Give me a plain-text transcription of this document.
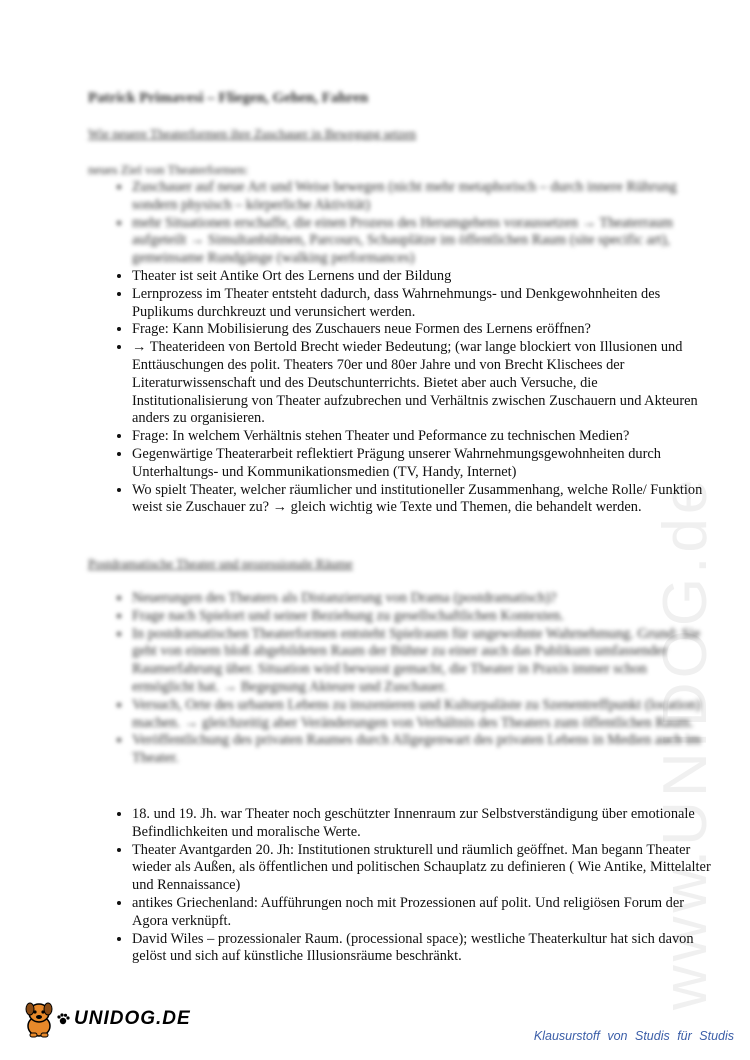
www.UNIDOG.de
Patrick Primavesi – Fliegen, Gehen, Fahren
Wie neuere Theaterformen ihre Zuschauer in Bewegung setzen
neues Ziel von Theaterformen:
• Zuschauer auf neue Art und Weise bewegen (nicht mehr metaphorisch – durch innere Rührung sondern physisch – körperliche Aktivität)
• mehr Situationen erschaffe, die einen Prozess des Herumgehens voraussetzen → Theaterraum aufgeteilt → Simultanbühnen, Parcours, Schauplätze im öffentlichen Raum (site specific art), gemeinsame Rundgänge (walking performances)
• Theater ist seit Antike Ort des Lernens und der Bildung
• Lernprozess im Theater entsteht dadurch, dass Wahrnehmungs- und Denkgewohnheiten des Puplikums durchkreuzt und verunsichert werden.
• Frage: Kann Mobilisierung des Zuschauers neue Formen des Lernens eröffnen?
• → Theaterideen von Bertold Brecht wieder Bedeutung; (war lange blockiert von Illusionen und Enttäuschungen des polit. Theaters 70er und 80er Jahre und von Brecht Klischees der Literaturwissenschaft und des Deutschunterrichts. Bietet aber auch Versuche, die Institutionalisierung von Theater aufzubrechen und Verhältnis zwischen Zuschauern und Akteuren anders zu organisieren.
• Frage: In welchem Verhältnis stehen Theater und Peformance zu technischen Medien?
• Gegenwärtige Theaterarbeit reflektiert Prägung unserer Wahrnehmungsgewohnheiten durch Unterhaltungs- und Kommunikationsmedien (TV, Handy, Internet)
• Wo spielt Theater, welcher räumlicher und institutioneller Zusammenhang, welche Rolle/ Funktion weist sie Zuschauer zu? → gleich wichtig wie Texte und Themen, die behandelt werden.
Postdramatische Theater und prozessionale Räume
• Neuerungen des Theaters als Distanzierung von Drama (postdramatisch)?
• Frage nach Spielort und seiner Beziehung zu gesellschaftlichen Kontexten.
• In postdramatischen Theaterformen entsteht Spielraum für ungewohnte Wahrnehmung. Grund: Sie geht von einem bloß abgebildeten Raum der Bühne zu einer auch das Publikum umfassender Raumerfahrung über. Situation wird bewusst gemacht, die Theater in Praxis immer schon ermöglicht hat. → Begegnung Akteure und Zuschauer.
• Versuch, Orte des urbanen Lebens zu inszenieren und Kulturpaläste zu Szenentreffpunkt (location) machen. → gleichzeitig aber Veränderungen von Verhältnis des Theaters zum öffentlichen Raum.
• Veröffentlichung des privaten Raumes durch Allgegenwart des privaten Lebens in Medien auch im Theater.
• 18. und 19. Jh. war Theater noch geschützter Innenraum zur Selbstverständigung über emotionale Befindlichkeiten und moralische Werte.
• Theater Avantgarden 20. Jh: Institutionen strukturell und räumlich geöffnet. Man begann Theater wieder als Außen, als öffentlichen und politischen Schauplatz zu definieren ( Wie Antike, Mittelalter und Rennaissance)
• antikes Griechenland: Aufführungen noch mit Prozessionen auf polit. Und religiösen Forum der Agora verknüpft.
• David Wiles – prozessionaler Raum. (processional space); westliche Theaterkultur hat sich davon gelöst und sich auf künstliche Illusionsräume beschränkt.
UNIDOG.DE
Klausurstoff von Studis für Studis
